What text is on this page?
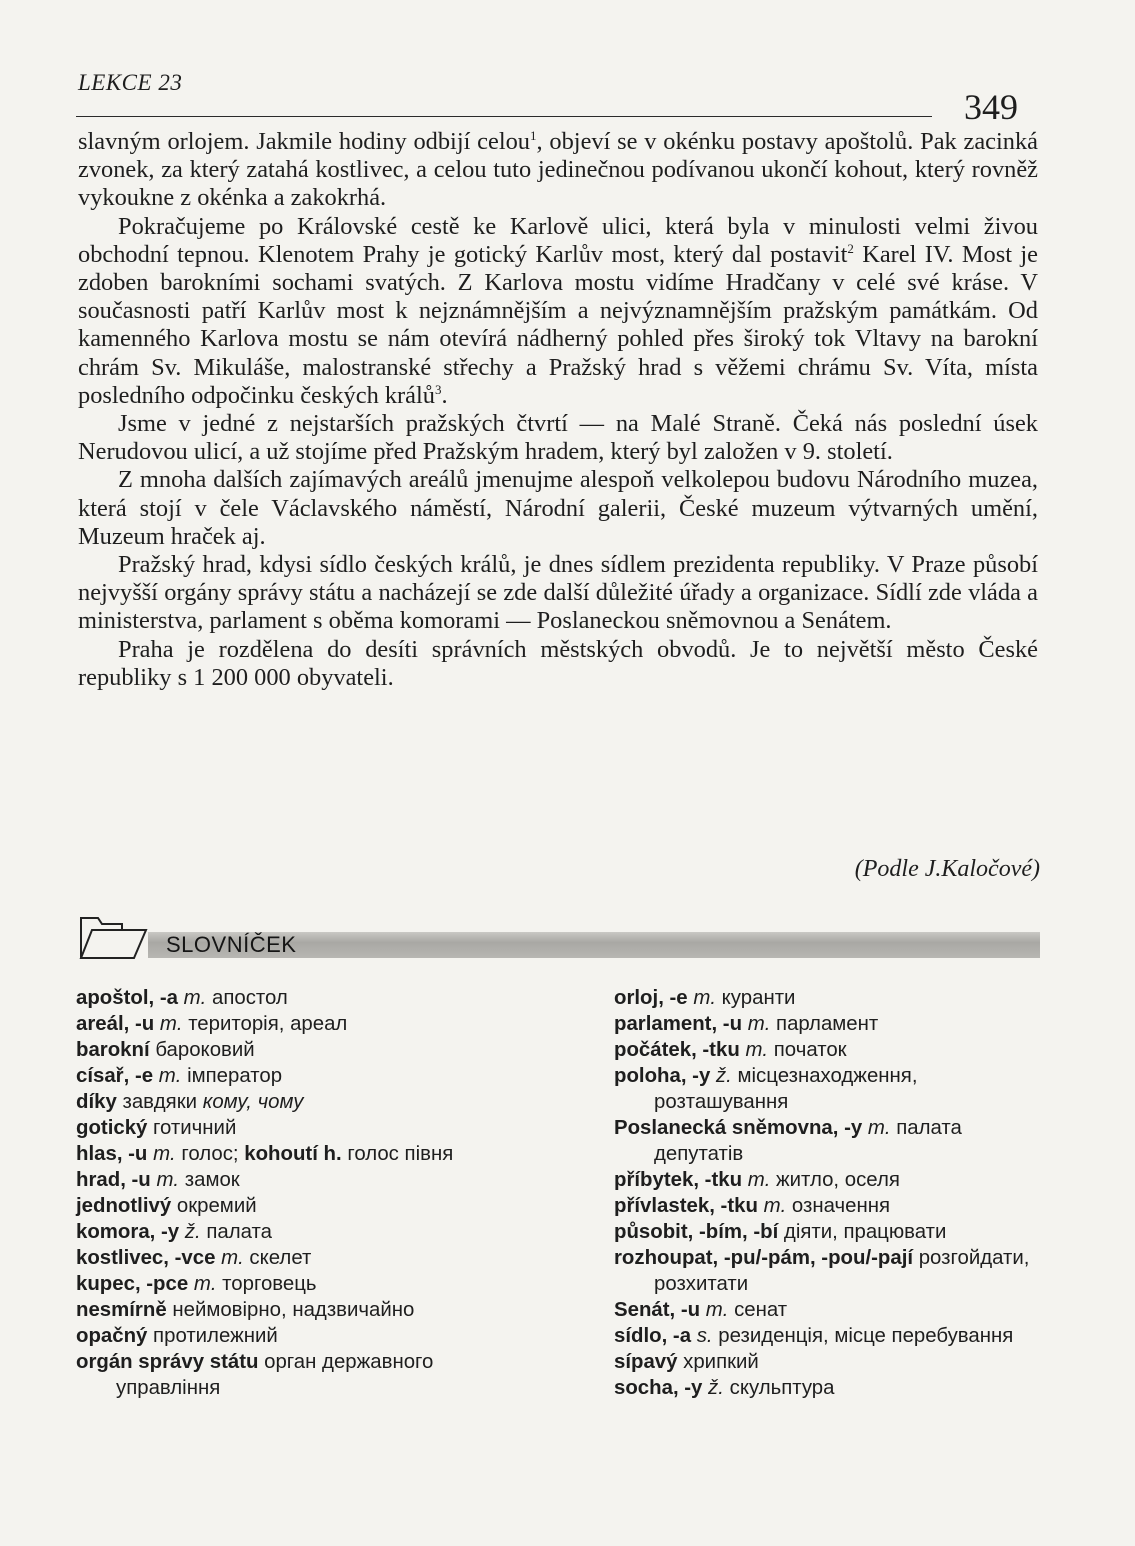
LEKCE 23
349

slavným orlojem. Jakmile hodiny odbijí celou$^1$, objeví se v okénku postavy apoštolů. Pak zacinká zvonek, za který zatahá kostlivec, a celou tuto jedinečnou podívanou ukončí kohout, který rovněž vykoukne z okénka a zakokrhá.

Pokračujeme po Královské cestě ke Karlově ulici, která byla v minulosti velmi živou obchodní tepnou. Klenotem Prahy je gotický Karlův most, který dal postavit$^2$ Karel IV. Most je zdoben barokními sochami svatých. Z Karlova mostu vidíme Hradčany v celé své kráse. V současnosti patří Karlův most k nejznámnějším a nejvýznamnějším pražským památkám. Od kamenného Karlova mostu se nám otevírá nádherný pohled přes široký tok Vltavy na barokní chrám Sv. Mikuláše, malostranské střechy a Pražský hrad s věžemi chrámu Sv. Víta, místa posledního odpočinku českých králů$^3$.

Jsme v jedné z nejstarších pražských čtvrtí — na Malé Straně. Čeká nás poslední úsek Nerudovou ulicí, a už stojíme před Pražským hradem, který byl založen v 9. století.

Z mnoha dalších zajímavých areálů jmenujme alespoň velkolepou budovu Národního muzea, která stojí v čele Václavského náměstí, Národní galerii, České muzeum výtvarných umění, Muzeum hraček aj.

Pražský hrad, kdysi sídlo českých králů, je dnes sídlem prezidenta republiky. V Praze působí nejvyšší orgány správy státu a nacházejí se zde další důležité úřady a organizace. Sídlí zde vláda a ministerstva, parlament s oběma komorami — Poslaneckou sněmovnou a Senátem.

Praha je rozdělena do desíti správních městských obvodů. Je to největší město České republiky s 1 200 000 obyvateli.

(Podle J.Kaločové)
SLOVNÍČEK

apoštol, -a m. апостол

areál, -u m. територія, ареал

barokní бароковий

císař, -e m. імператор

díky завдяки кому, чому

gotický готичний

hlas, -u m. голос; kohoutí h. голос півня

hrad, -u m. замок

jednotlivý окремий

komora, -y ž. палата

kostlivec, -vce m. скелет

kupec, -pce m. торговець

nesmírně неймовірно, надзвичайно

opačný протилежний

orgán správy státu орган державного управління

orloj, -e m. куранти

parlament, -u m. парламент

počátek, -tku m. початок

poloha, -y ž. місцезнаходження, розташування

Poslanecká sněmovna, -y m. палата депутатів

příbytek, -tku m. житло, оселя

přívlastek, -tku m. означення

působit, -bím, -bí діяти, працювати

rozhoupat, -pu/-pám, -pou/-pají розгойдати, розхитати

Senát, -u m. сенат

sídlo, -a s. резиденція, місце перебування

sípavý хрипкий

socha, -y ž. скульптура
